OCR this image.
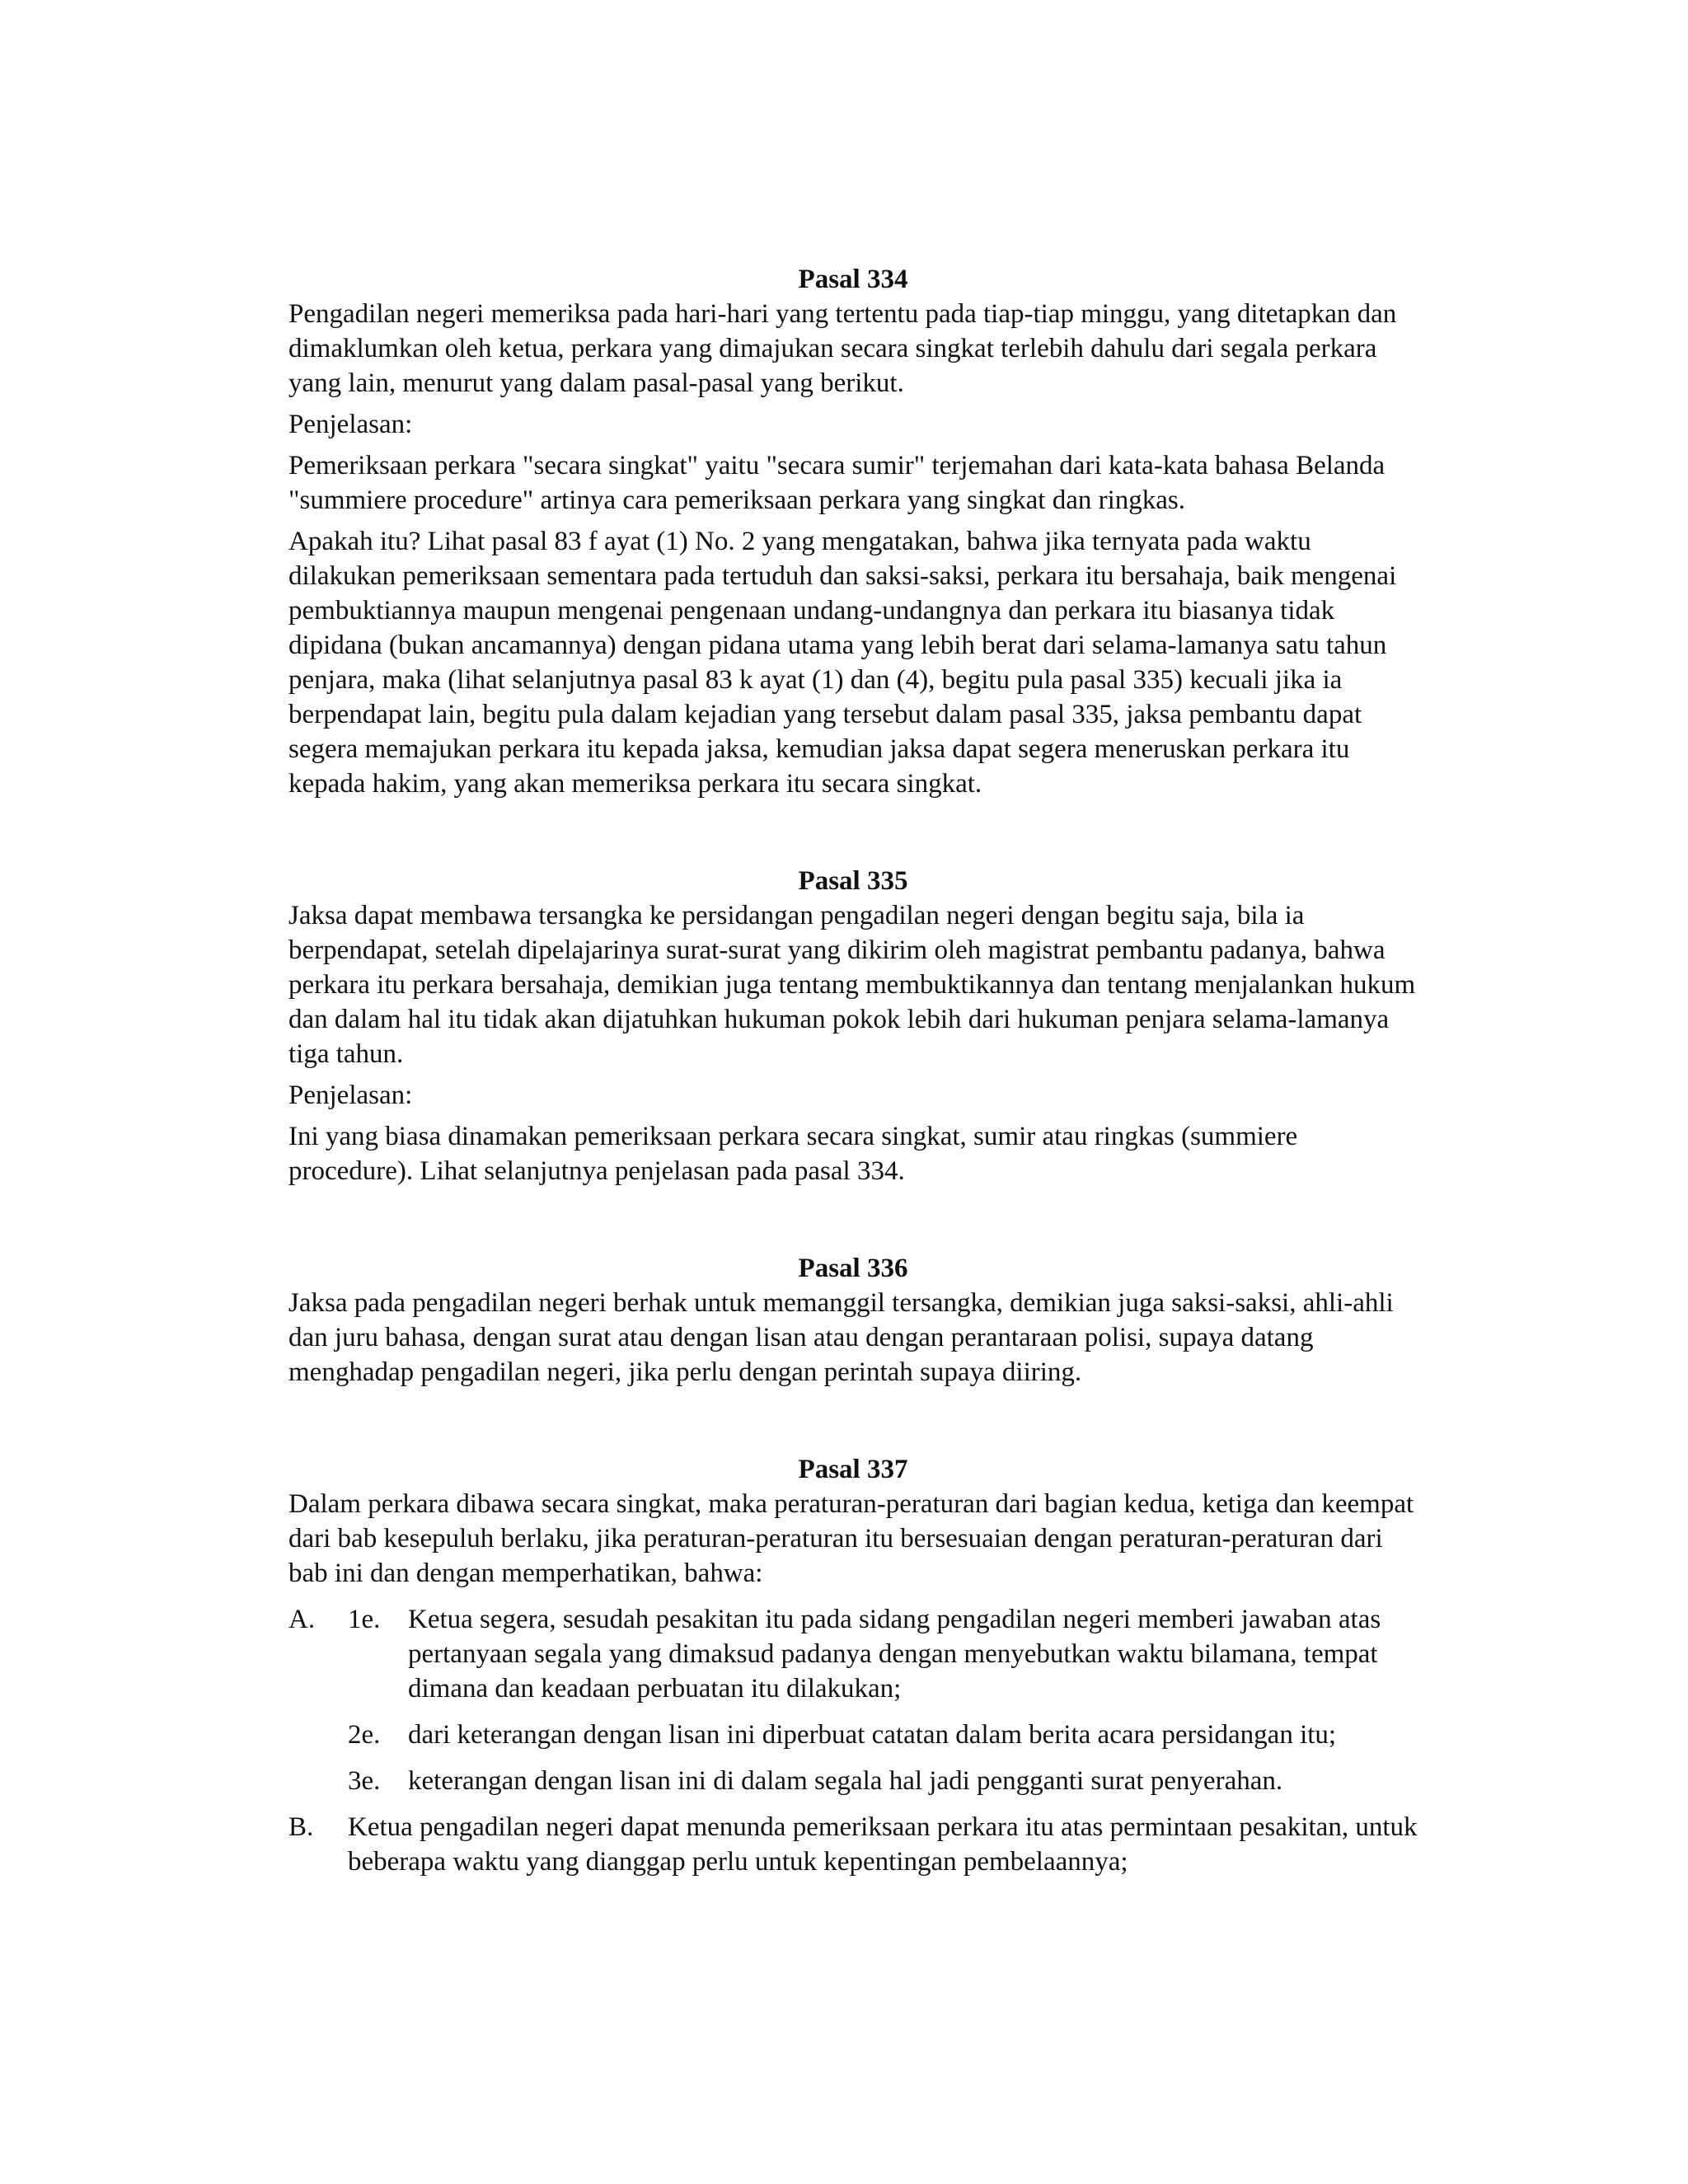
Pasal 334

Pengadilan negeri memeriksa pada hari-hari yang tertentu pada tiap-tiap minggu, yang ditetapkan dan dimaklumkan oleh ketua, perkara yang dimajukan secara singkat terlebih dahulu dari segala perkara yang lain, menurut yang dalam pasal-pasal yang berikut.

Penjelasan:

Pemeriksaan perkara "secara singkat" yaitu "secara sumir" terjemahan dari kata-kata bahasa Belanda "summiere procedure" artinya cara pemeriksaan perkara yang singkat dan ringkas.

Apakah itu? Lihat pasal 83 f ayat (1) No. 2 yang mengatakan, bahwa jika ternyata pada waktu dilakukan pemeriksaan sementara pada tertuduh dan saksi-saksi, perkara itu bersahaja, baik mengenai pembuktiannya maupun mengenai pengenaan undang-undangnya dan perkara itu biasanya tidak dipidana (bukan ancamannya) dengan pidana utama yang lebih berat dari selama-lamanya satu tahun penjara, maka (lihat selanjutnya pasal 83 k ayat (1) dan (4), begitu pula pasal 335) kecuali jika ia berpendapat lain, begitu pula dalam kejadian yang tersebut dalam pasal 335, jaksa pembantu dapat segera memajukan perkara itu kepada jaksa, kemudian jaksa dapat segera meneruskan perkara itu kepada hakim, yang akan memeriksa perkara itu secara singkat.

Pasal 335

Jaksa dapat membawa tersangka ke persidangan pengadilan negeri dengan begitu saja, bila ia berpendapat, setelah dipelajarinya surat-surat yang dikirim oleh magistrat pembantu padanya, bahwa perkara itu perkara bersahaja, demikian juga tentang membuktikannya dan tentang menjalankan hukum dan dalam hal itu tidak akan dijatuhkan hukuman pokok lebih dari hukuman penjara selama-lamanya tiga tahun.

Penjelasan:

Ini yang biasa dinamakan pemeriksaan perkara secara singkat, sumir atau ringkas (summiere procedure). Lihat selanjutnya penjelasan pada pasal 334.

Pasal 336

Jaksa pada pengadilan negeri berhak untuk memanggil tersangka, demikian juga saksi-saksi, ahli-ahli dan juru bahasa, dengan surat atau dengan lisan atau dengan perantaraan polisi, supaya datang menghadap pengadilan negeri, jika perlu dengan perintah supaya diiring.

Pasal 337

Dalam perkara dibawa secara singkat, maka peraturan-peraturan dari bagian kedua, ketiga dan keempat dari bab kesepuluh berlaku, jika peraturan-peraturan itu bersesuaian dengan peraturan-peraturan dari bab ini dan dengan memperhatikan, bahwa:

A. 1e. Ketua segera, sesudah pesakitan itu pada sidang pengadilan negeri memberi jawaban atas pertanyaan segala yang dimaksud padanya dengan menyebutkan waktu bilamana, tempat dimana dan keadaan perbuatan itu dilakukan;
2e. dari keterangan dengan lisan ini diperbuat catatan dalam berita acara persidangan itu;
3e. keterangan dengan lisan ini di dalam segala hal jadi pengganti surat penyerahan.
B. Ketua pengadilan negeri dapat menunda pemeriksaan perkara itu atas permintaan pesakitan, untuk beberapa waktu yang dianggap perlu untuk kepentingan pembelaannya;
